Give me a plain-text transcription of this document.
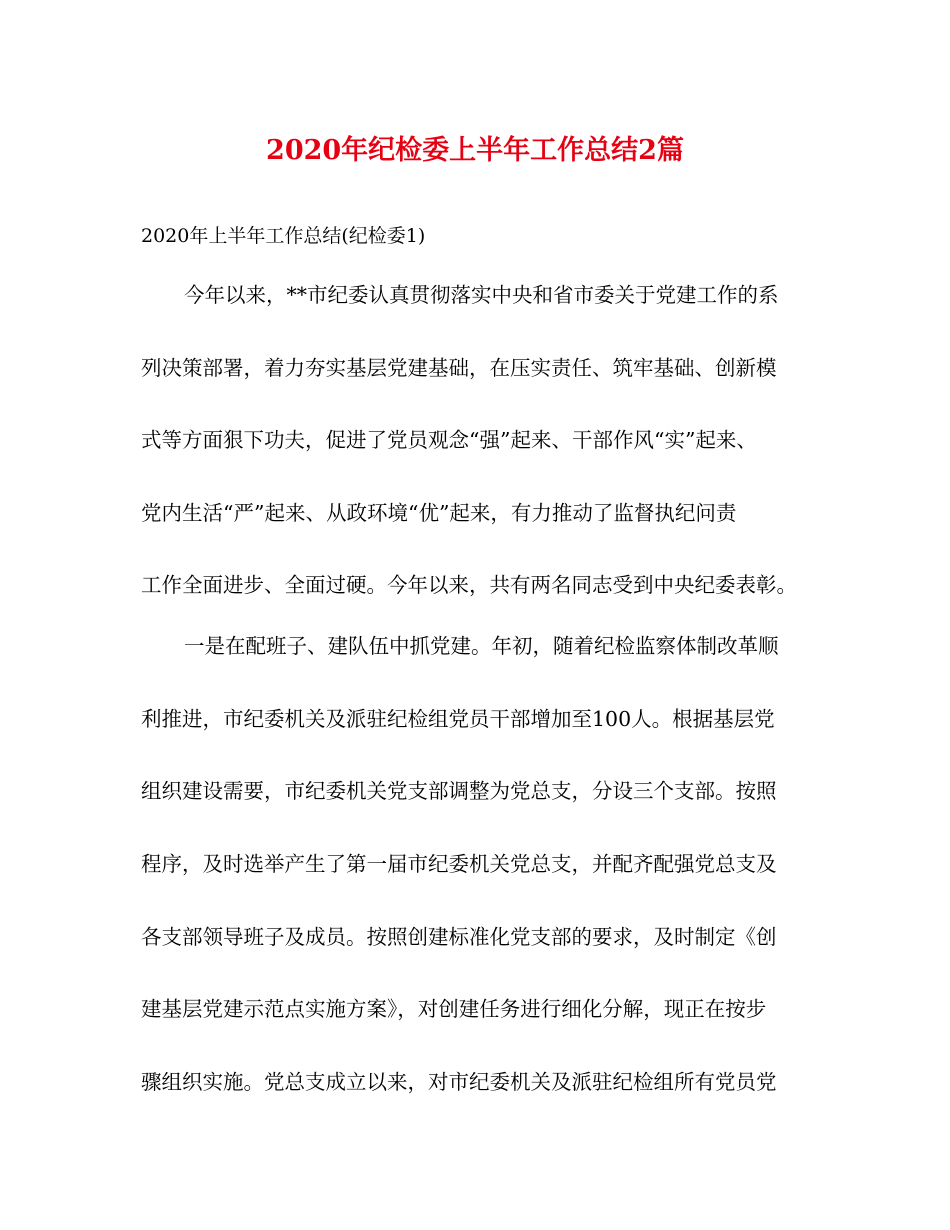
2020年纪检委上半年工作总结2篇
2020年上半年工作总结(纪检委1)
今年以来，**市纪委认真贯彻落实中央和省市委关于党建工作的系
列决策部署，着力夯实基层党建基础，在压实责任、筑牢基础、创新模
式等方面狠下功夫，促进了党员观念“强”起来、干部作风“实”起来、
党内生活“严”起来、从政环境“优”起来，有力推动了监督执纪问责
工作全面进步、全面过硬。今年以来，共有两名同志受到中央纪委表彰。
一是在配班子、建队伍中抓党建。年初，随着纪检监察体制改革顺
利推进，市纪委机关及派驻纪检组党员干部增加至100人。根据基层党
组织建设需要，市纪委机关党支部调整为党总支，分设三个支部。按照
程序，及时选举产生了第一届市纪委机关党总支，并配齐配强党总支及
各支部领导班子及成员。按照创建标准化党支部的要求，及时制定《创
建基层党建示范点实施方案》，对创建任务进行细化分解，现正在按步
骤组织实施。党总支成立以来，对市纪委机关及派驻纪检组所有党员党
